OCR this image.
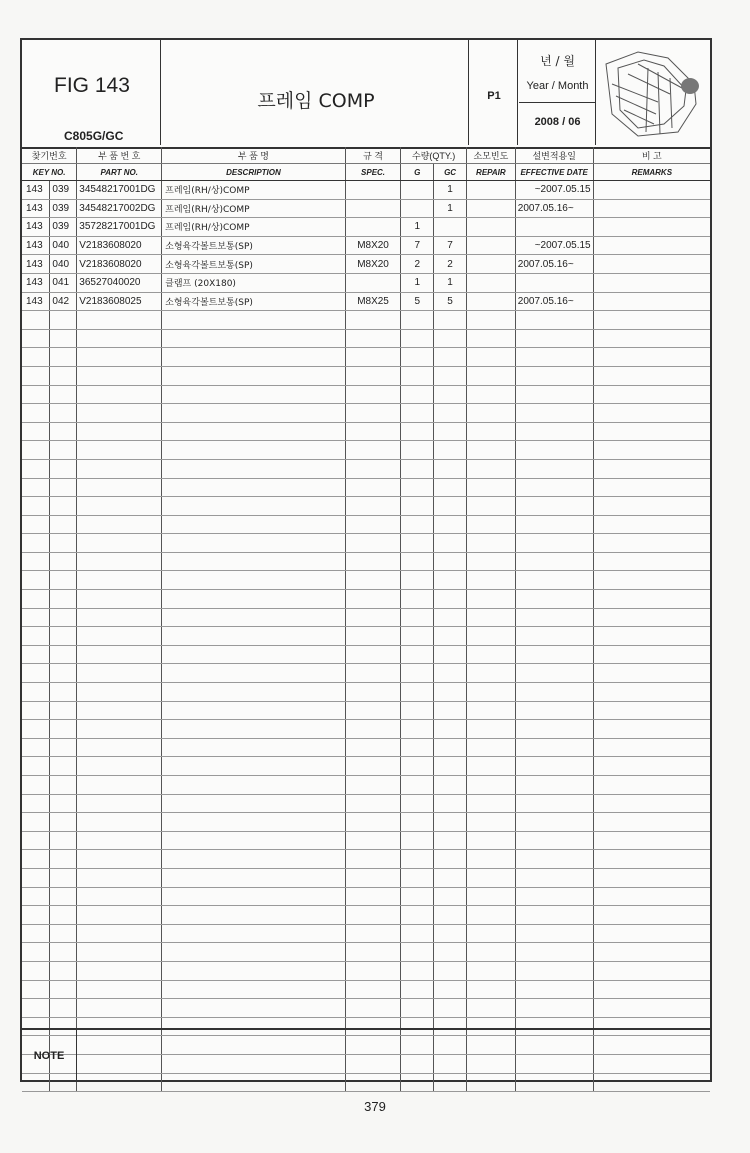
FIG 143
C805G/GC
프레임 COMP	P1
년 / 월
Year / Month
2008 / 06
찾기번호		부 품 번 호	부 품 명	규 격	수량(QTY.)		소모빈도	설변적용일	비 고
KEY NO.		PART NO.	DESCRIPTION	SPEC.	G	GC	REPAIR	EFFECTIVE DATE	REMARKS
143	039	34548217001DG	프레임(RH/상)COMP			1		~2007.05.15	
143	039	34548217002DG	프레임(RH/상)COMP			1		2007.05.16~	
143	039	35728217001DG	프레임(RH/상)COMP		1				
143	040	V2183608020	소형육각볼트보통(SP)	M8X20	7	7		~2007.05.15	
143	040	V2183608020	소형육각볼트보통(SP)	M8X20	2	2		2007.05.16~	
143	041	36527040020	클램프 (20X180)		1	1			
143	042	V2183608025	소형육각볼트보통(SP)	M8X25	5	5		2007.05.16~	

NOTE
379
